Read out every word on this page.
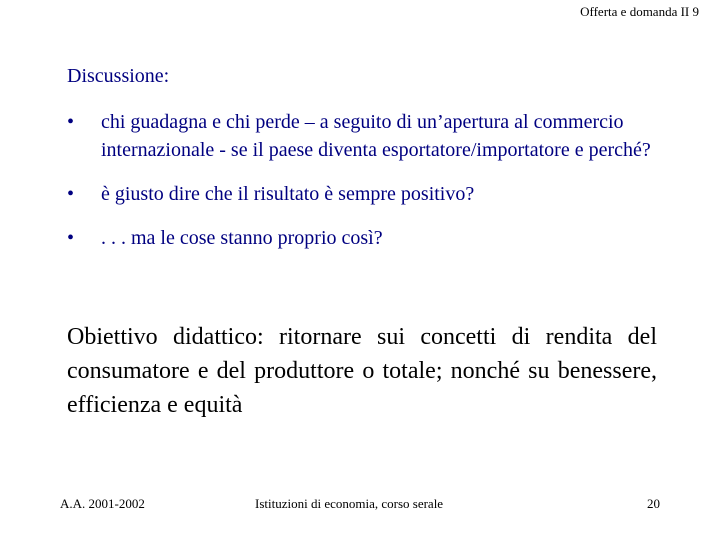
Offerta e domanda II 9
Discussione:
•	chi guadagna e chi perde – a seguito di un’apertura al commercio internazionale - se il paese diventa esportatore/importatore e perché?
•	è giusto dire che il risultato è sempre positivo?
•	. . . ma le cose stanno proprio così?
Obiettivo didattico: ritornare sui concetti di rendita del consumatore e del produttore o totale; nonché su benessere, efficienza e equità
A.A. 2001-2002	Istituzioni di economia, corso serale	20
